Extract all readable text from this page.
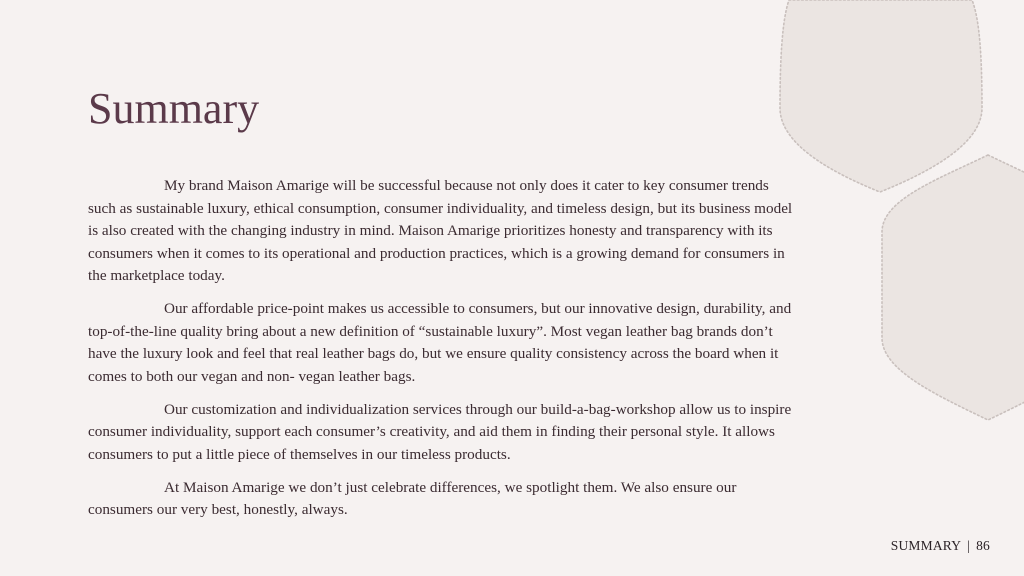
Summary

My brand Maison Amarige will be successful because not only does it cater to key consumer trends such as sustainable luxury, ethical consumption, consumer individuality, and timeless design, but its business model is also created with the changing industry in mind. Maison Amarige prioritizes honesty and transparency with its consumers when it comes to its operational and production practices, which is a growing demand for consumers in the marketplace today.

Our affordable price-point makes us accessible to consumers, but our innovative design, durability, and top-of-the-line quality bring about a new definition of “sustainable luxury”. Most vegan leather bag brands don’t have the luxury look and feel that real leather bags do, but we ensure quality consistency across the board when it comes to both our vegan and non- vegan leather bags.

Our customization and individualization services through our build-a-bag-workshop allow us to inspire consumer individuality, support each consumer’s creativity, and aid them in finding their personal style. It allows consumers to put a little piece of themselves in our timeless products.

At Maison Amarige we don’t just celebrate differences, we spotlight them. We also ensure our consumers our very best, honestly, always.

SUMMARY | 86
